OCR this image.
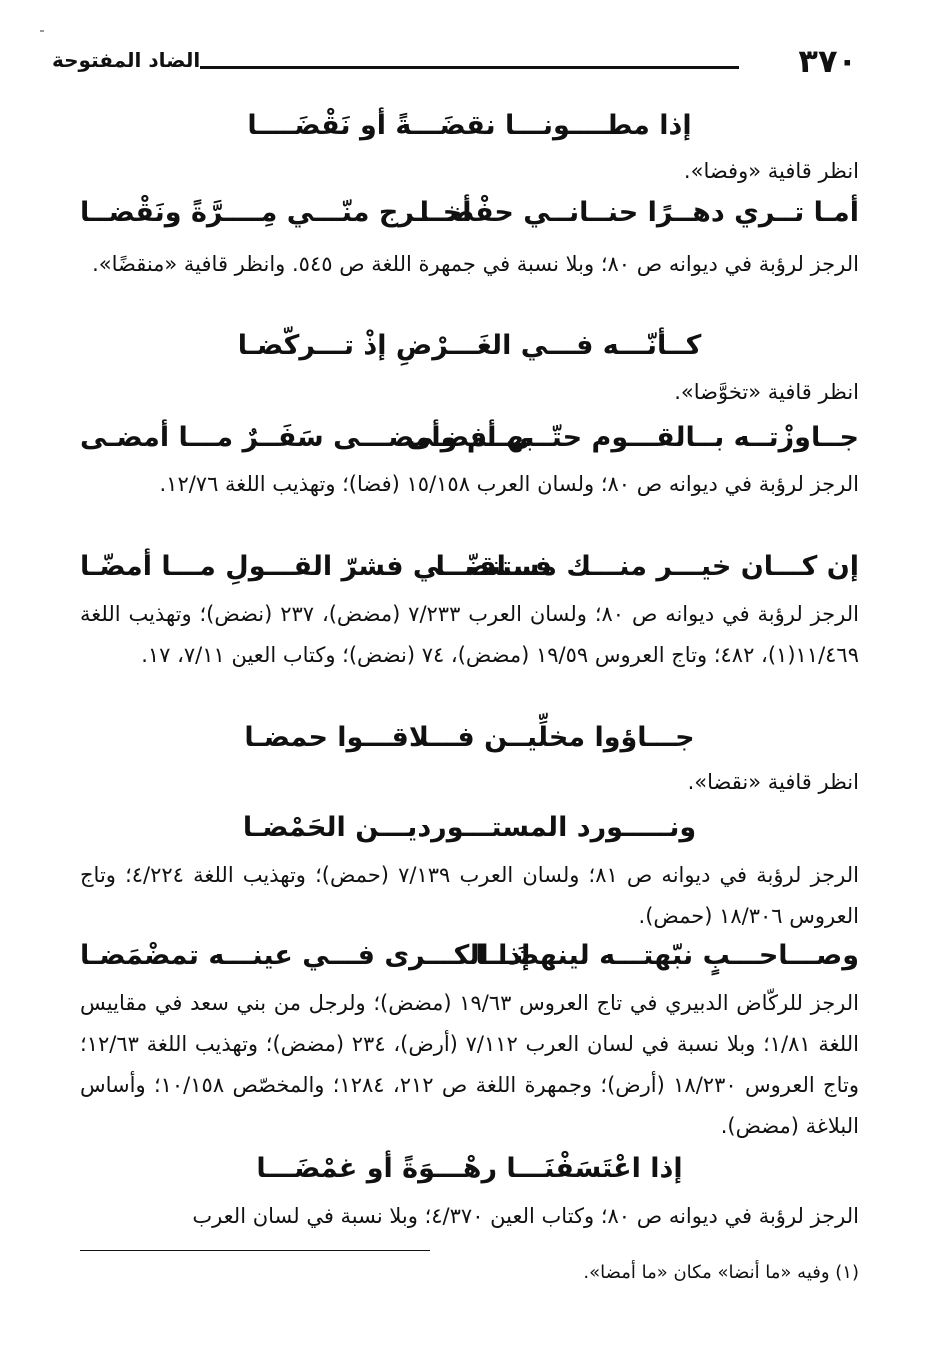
٣٧٠
الضاد المفتوحة
إذا مطــــونـــا نقضَـــةً أو نَقْضَــــا
انظر قافية «وفضا».
أمـا تــري دهــرًا حنــانــي حفْضــا
أخـــرج منّـــي مِــــرَّةً ونَقْضــا
الرجز لرؤبة في ديوانه ص ٨٠؛ وبلا نسبة في جمهرة اللغة ص ٥٤٥. وانظر قافية «منقضًا».
كــأنّـــه فـــي الغَـــرْضِ إذْ تـــركّضـا
انظر قافية «تخوَّضا».
جــاوزْتــه بــالقـــوم حتّــى أفضـى
بهــم وأمضـــى سَفَــرٌ مـــا أمضـى
الرجز لرؤبة في ديوانه ص ٨٠؛ ولسان العرب ١٥/١٥٨ (فضا)؛ وتهذيب اللغة ١٢/٧٦.
إن كـــان خيـــر منـــك مستنضّــا
فـــاقنـــي فشرّ القـــولِ مـــا أمضّـا
الرجز لرؤبة في ديوانه ص ٨٠؛ ولسان العرب ٧/٢٣٣ (مضض)، ٢٣٧ (نضض)؛ وتهذيب اللغة ١١/٤٦٩(١)، ٤٨٢؛ وتاج العروس ١٩/٥٩ (مضض)، ٧٤ (نضض)؛ وكتاب العين ٧/١١، ١٧.
جـــاؤوا مخلِّيــن فـــلاقـــوا حمضـا
انظر قافية «نقضا».
ونـــــورد المستـــورديـــن الحَمْضـا
الرجز لرؤبة في ديوانه ص ٨١؛ ولسان العرب ٧/١٣٩ (حمض)؛ وتهذيب اللغة ٤/٢٢٤؛ وتاج العروس ١٨/٣٠٦ (حمض).
وصـــاحـــبٍ نبّهتـــه لينهضَـــا
إذا الكـــرى فـــي عينـــه تمضْمَضـا
الرجز للركّاض الدبيري في تاج العروس ١٩/٦٣ (مضض)؛ ولرجل من بني سعد في مقاييس اللغة ١/٨١؛ وبلا نسبة في لسان العرب ٧/١١٢ (أرض)، ٢٣٤ (مضض)؛ وتهذيب اللغة ١٢/٦٣؛ وتاج العروس ١٨/٢٣٠ (أرض)؛ وجمهرة اللغة ص ٢١٢، ١٢٨٤؛ والمخصّص ١٠/١٥٨؛ وأساس البلاغة (مضض).
إذا اعْتَسَفْنَـــا رهْـــوَةً أو غمْضَـــا
الرجز لرؤبة في ديوانه ص ٨٠؛ وكتاب العين ٤/٣٧٠؛ وبلا نسبة في لسان العرب
(١) وفيه «ما أنضا» مكان «ما أمضا».
